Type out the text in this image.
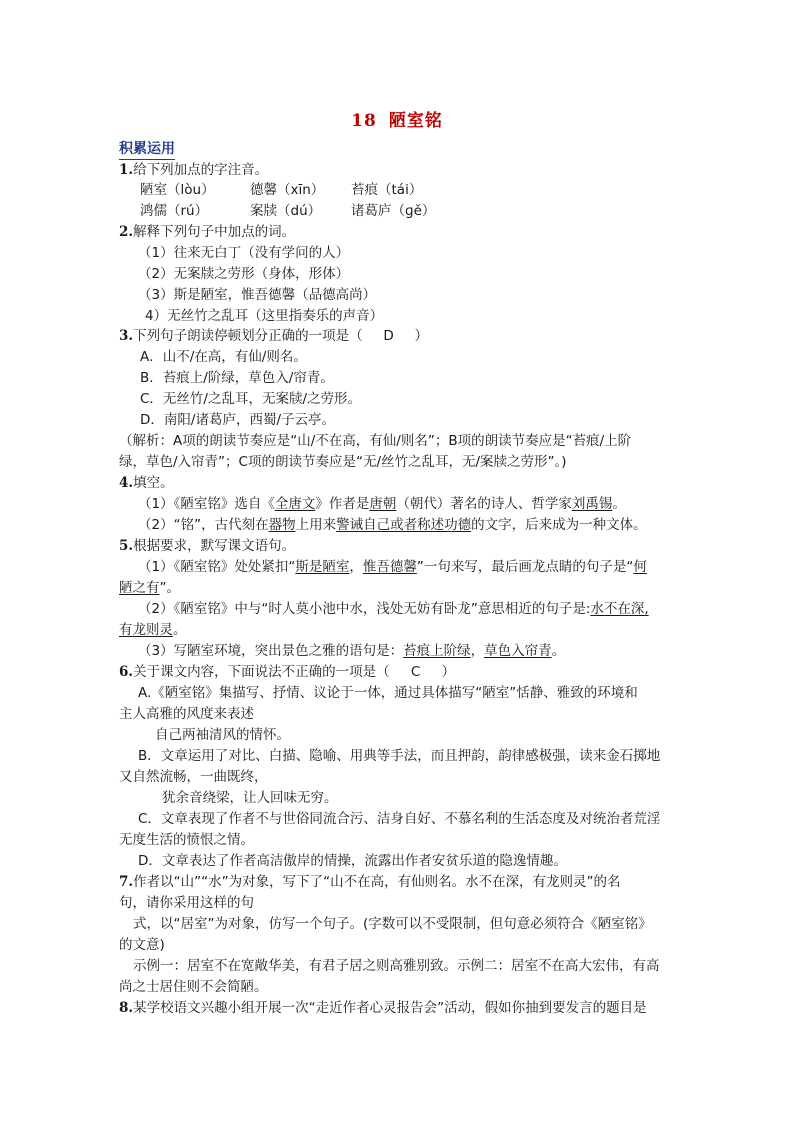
18 陋室铭
积累运用
1.给下列加点的字注音。
陋室（lòu）	德馨（xīn） 苔痕（tái）
鸿儒（rú）	案牍（dú） 诸葛庐（ɡě）
2.解释下列句子中加点的词。
（1）往来无白丁（没有学问的人）
（2）无案牍之劳形（身体，形体）
（3）斯是陋室，惟吾德馨（品德高尚）
4）无丝竹之乱耳（这里指奏乐的声音）
3.下列句子朗读停顿划分正确的一项是（ D ）
A．山不/在高，有仙/则名。
B．苔痕上/阶绿，草色入/帘青。
C．无丝竹/之乱耳，无案牍/之劳形。
D．南阳/诸葛庐，西蜀/子云亭。
（解析：A项的朗读节奏应是“山/不在高，有仙/则名”；B项的朗读节奏应是“苔痕/上阶
绿，草色/入帘青”；C项的朗读节奏应是“无/丝竹之乱耳，无/案牍之劳形”。)
4.填空。
（1）《陋室铭》选自《全唐文》作者是唐朝（朝代）著名的诗人、哲学家刘禹锡。
（2）“铭”，古代刻在器物上用来警诫自己或者称述功德的文字，后来成为一种文体。
5.根据要求，默写课文语句。
（1）《陋室铭》处处紧扣“斯是陋室，惟吾德馨”一句来写，最后画龙点睛的句子是“何
陋之有”。
（2）《陋室铭》中与“时人莫小池中水，浅处无妨有卧龙”意思相近的句子是:水不在深,
有龙则灵。
（3）写陋室环境，突出景色之雅的语句是：苔痕上阶绿，草色入帘青。
6.关于课文内容，下面说法不正确的一项是（ C ）
A.《陋室铭》集描写、抒情、议论于一体，通过具体描写“陋室”恬静、雅致的环境和
主人高雅的风度来表述
自己两袖清风的情怀。
B．文章运用了对比、白描、隐喻、用典等手法，而且押韵，韵律感极强，读来金石掷地
又自然流畅，一曲既终，
犹余音绕梁，让人回味无穷。
C．文章表现了作者不与世俗同流合污、洁身自好、不慕名利的生活态度及对统治者荒淫
无度生活的愤恨之情。
D．文章表达了作者高洁傲岸的情操，流露出作者安贫乐道的隐逸情趣。
7.作者以“山”“水”为对象，写下了“山不在高，有仙则名。水不在深，有龙则灵”的名
句，请你采用这样的句
式，以“居室”为对象，仿写一个句子。(字数可以不受限制，但句意必须符合《陋室铭》
的文意)
示例一：居室不在宽敞华美，有君子居之则高雅别致。示例二：居室不在高大宏伟，有高
尚之士居住则不会简陋。
8.某学校语文兴趣小组开展一次“走近作者心灵报告会”活动，假如你抽到要发言的题目是
